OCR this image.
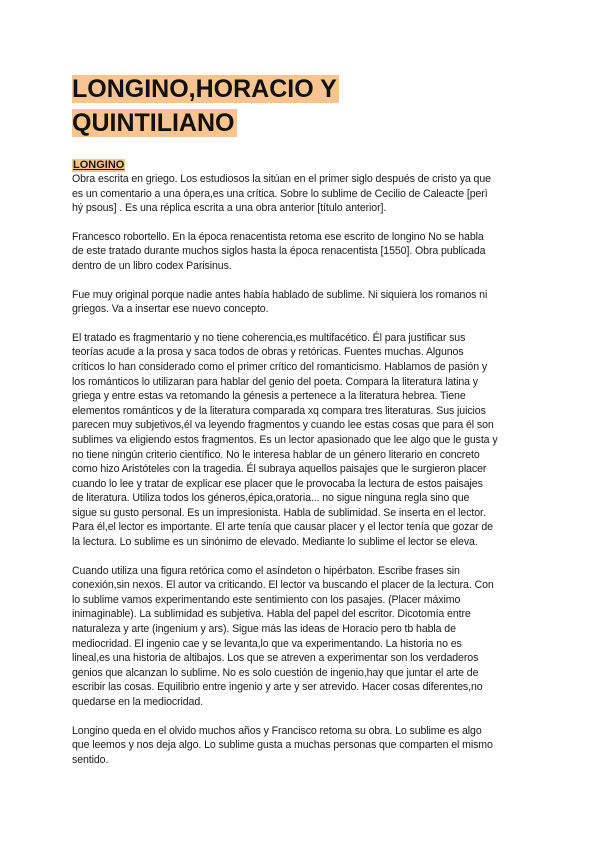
LONGINO,HORACIO Y
QUINTILIANO
LONGINO

Obra escrita en griego. Los estudiosos la sitúan en el primer siglo después de cristo ya que
es un comentario a una ópera,es una crítica. Sobre lo sublime de Cecilio de Caleacte [perì
hý psous] . Es una réplica escrita a una obra anterior [título anterior].

Francesco robortello. En la época renacentista retoma ese escrito de longino No se habla
de este tratado durante muchos siglos hasta la época renacentista [1550]. Obra publicada
dentro de un libro codex Parisinus.

Fue muy original porque nadie antes había hablado de sublime. Ni siquiera los romanos ni
griegos. Va a insertar ese nuevo concepto.

El tratado es fragmentario y no tiene coherencia,es multifacético. Él para justificar sus
teorías acude a la prosa y saca todos de obras y retóricas. Fuentes muchas. Algunos
críticos lo han considerado como el primer crítico del romanticismo. Hablamos de pasión y
los románticos lo utilizaran para hablar del genio del poeta. Compara la literatura latina y
griega y entre estas va retomando la génesis a pertenece a la literatura hebrea. Tiene
elementos románticos y de la literatura comparada xq compara tres literaturas. Sus juicios
parecen muy subjetivos,él va leyendo fragmentos y cuando lee estas cosas que para él son
sublimes va eligiendo estos fragmentos. Es un lector apasionado que lee algo que le gusta y
no tiene ningún criterio científico. No le interesa hablar de un género literario en concreto
como hizo Aristóteles con la tragedia. Él subraya aquellos paisajes que le surgieron placer
cuando lo lee y tratar de explicar ese placer que le provocaba la lectura de estos paisajes
de literatura. Utiliza todos los géneros,épica,oratoria... no sigue ninguna regla sino que
sigue su gusto personal. Es un impresionista. Habla de sublimidad. Se inserta en el lector.
Para él,el lector es importante. El arte tenía que causar placer y el lector tenía que gozar de
la lectura. Lo sublime es un sinónimo de elevado. Mediante lo sublime el lector se eleva.

Cuando utiliza una figura retórica como el asíndeton o hipérbaton. Escribe frases sin
conexión,sin nexos. El autor va criticando. El lector va buscando el placer de la lectura. Con
lo sublime vamos experimentando este sentimiento con los pasajes. (Placer máximo
inimaginable). La sublimidad es subjetiva. Habla del papel del escritor. Dicotomía entre
naturaleza y arte (ingenium y ars). Sigue más las ideas de Horacio pero tb habla de
mediocridad. El ingenio cae y se levanta,lo que va experimentando. La historia no es
lineal,es una historia de altibajos. Los que se atreven a experimentar son los verdaderos
genios que alcanzan lo sublime. No es solo cuestión de ingenio,hay que juntar el arte de
escribir las cosas. Equilibrio entre ingenio y arte y ser atrevido. Hacer cosas diferentes,no
quedarse en la mediocridad.

Longino queda en el olvido muchos años y Francisco retoma su obra. Lo sublime es algo
que leemos y nos deja algo. Lo sublime gusta a muchas personas que comparten el mismo
sentido.
